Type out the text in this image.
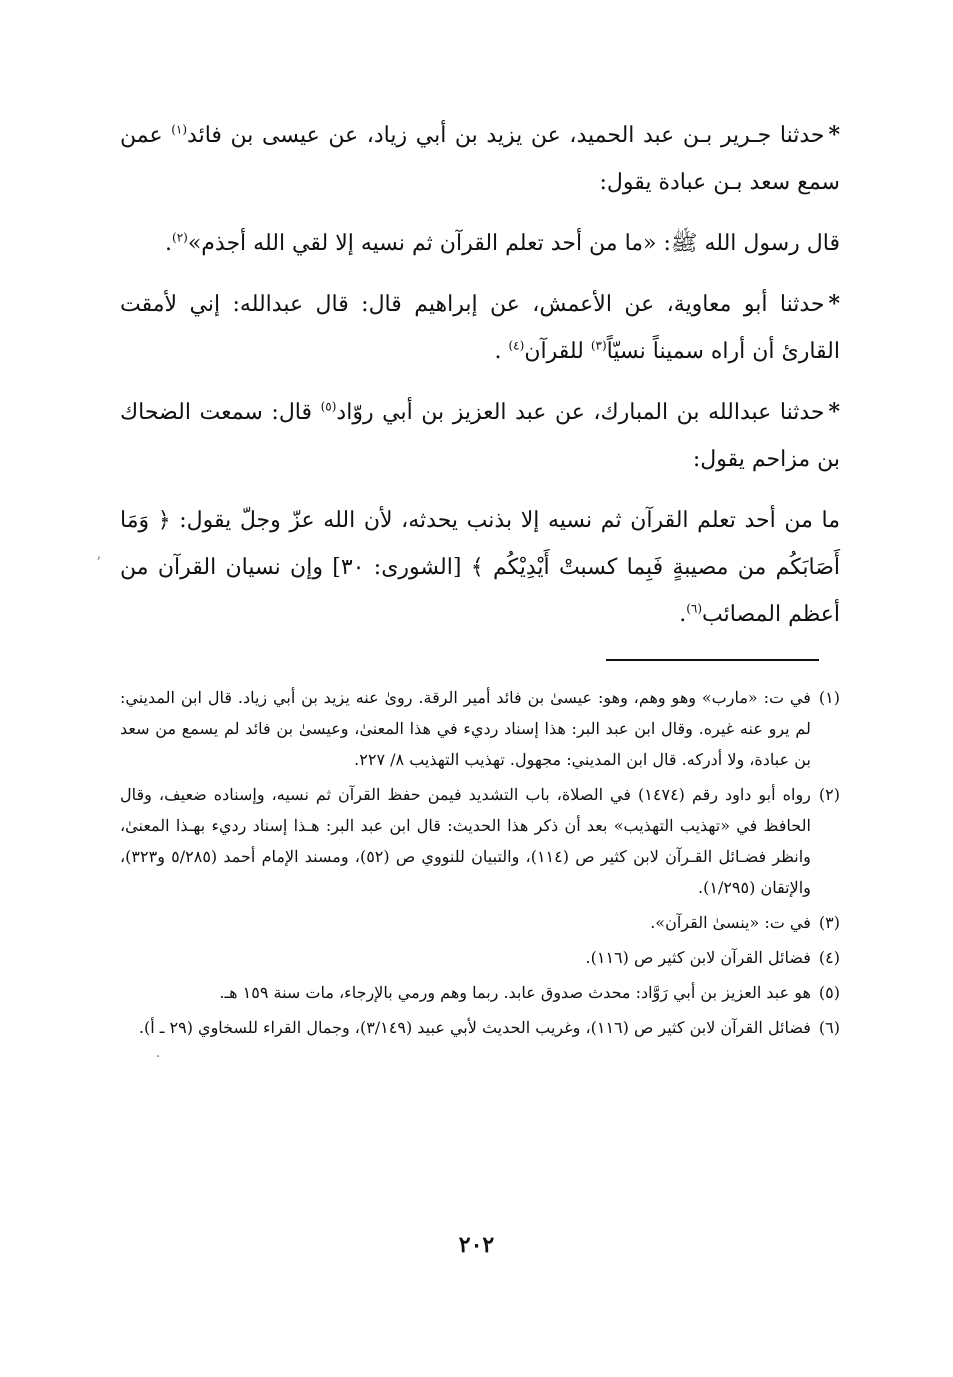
*حدثنا جـرير بـن عبد الحميد، عن يزيد بن أبي زياد، عن عيسى بن فائد$^{(١)}$ عمن سمع سعد بـن عبادة يقول:

قال رسول الله ﷺ: «ما من أحد تعلم القرآن ثم نسيه إلا لقي الله أجذم»$^{(٢)}$.

*حدثنا أبو معاوية، عن الأعمش، عن إبراهيم قال: قال عبدالله: إني لأمقت القارئ أن أراه سميناً نسيّاً$^{(٣)}$ للقرآن$^{(٤)}$ .

*حدثنا عبدالله بن المبارك، عن عبد العزيز بن أبي روّاد$^{(٥)}$ قال: سمعت الضحاك بن مزاحم يقول:

ما من أحد تعلم القرآن ثم نسيه إلا بذنب يحدثه، لأن الله عزّ وجلّ يقول: ﴿ وَمَا أَصَابَكُم من مصيبةٍ فَبِما كسبتْ أَيْدِيْكُم ﴾ [الشورى: ٣٠] وإن نسيان القرآن من أعظم المصائب$^{(٦)}$.

(١)
في ت: «مارب» وهو وهم، وهو: عيسىٰ بن فائد أمير الرقة. روىٰ عنه يزيد بن أبي زياد. قال ابن المديني: لم يرو عنه غيره. وقال ابن عبد البر: هذا إسناد رديء في هذا المعنىٰ، وعيسىٰ بن فائد لم يسمع من سعد بن عبادة، ولا أدركه. قال ابن المديني: مجهول. تهذيب التهذيب ٨/ ٢٢٧.
(٢)
رواه أبو داود رقم (١٤٧٤) في الصلاة، باب التشديد فيمن حفظ القرآن ثم نسيه، وإسناده ضعيف، وقال الحافظ في «تهذيب التهذيب» بعد أن ذكر هذا الحديث: قال ابن عبد البر: هـذا إسناد رديء بهـذا المعنىٰ، وانظر فضـائل القـرآن لابن كثير ص (١١٤)، والتبيان للنووي ص (٥٢)، ومسند الإمام أحمد (٥/٢٨٥ و٣٢٣)، والإتقان (١/٢٩٥).
(٣)
في ت: «ينسىٰ القرآن».
(٤)
فضائل القرآن لابن كثير ص (١١٦).
(٥)
هو عبد العزيز بن أبي رَوَّاد: محدث صدوق عابد. ربما وهم ورمي بالإرجاء، مات سنة ١٥٩ هـ.
(٦)
فضائل القرآن لابن كثير ص (١١٦)، وغريب الحديث لأبي عبيد (٣/١٤٩)، وجمال القراء للسخاوي (٢٩ ـ أ).
٢٠٢
ʼ
·
